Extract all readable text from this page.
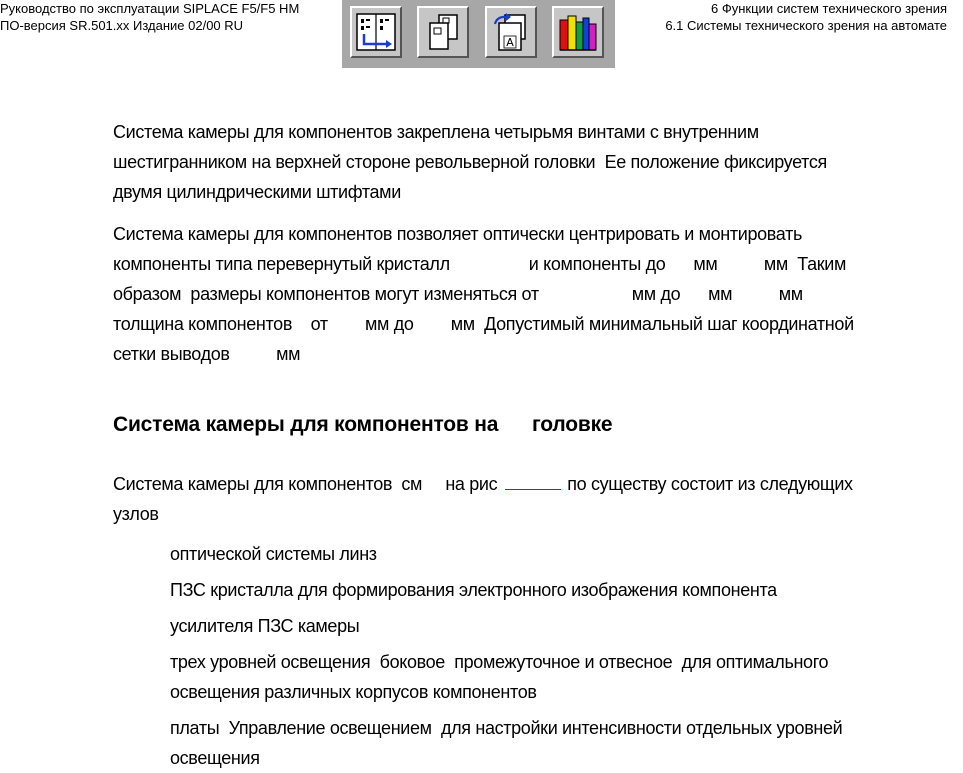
Руководство по эксплуатации SIPLACE F5/F5 HM
ПО-версия SR.501.xx Издание 02/00 RU
6 Функции систем технического зрения
6.1 Системы технического зрения на автомате
A
Система камеры для компонентов закреплена четырьмя винтами с внутренним
шестигранником на верхней стороне револьверной головки  Ее положение фиксируется
двумя цилиндрическими штифтами
Система камеры для компонентов позволяет оптически центрировать и монтировать
компоненты типа перевернутый кристалл                 и компоненты до      мм          мм  Таким
образом  размеры компонентов могут изменяться от                    мм до      мм          мм
толщина компонентов    от        мм до        мм  Допустимый минимальный шаг координатной
сетки выводов          мм
Система камеры для компонентов на      головке
Система камеры для компонентов  см     на рис	по существу состоит из следующих
узлов
оптической системы линз
ПЗС кристалла для формирования электронного изображения компонента
усилителя ПЗС камеры
трех уровней освещения  боковое  промежуточное и отвесное  для оптимального
освещения различных корпусов компонентов
платы  Управление освещением  для настройки интенсивности отдельных уровней
освещения
